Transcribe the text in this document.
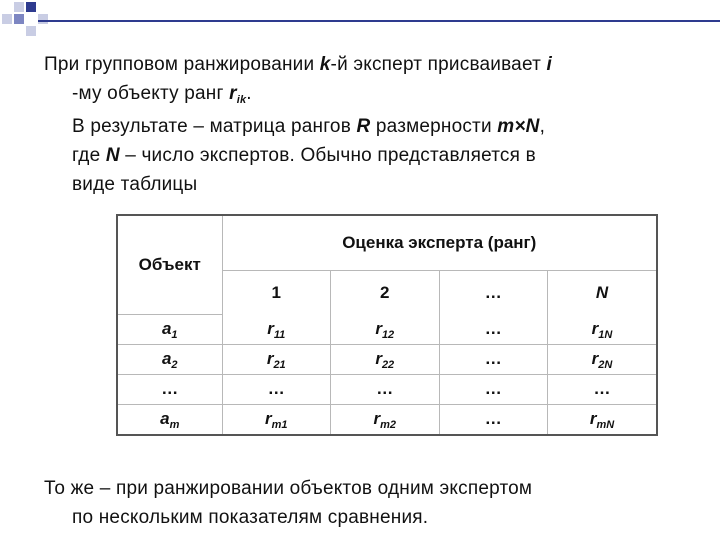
При групповом ранжировании k-й эксперт присваивает i
-му объекту ранг $r_{ik}$.
В результате – матрица рангов R размерности m×N,
где N – число экспертов. Обычно представляется в
виде таблицы
Объект	Оценка эксперта (ранг)			
	1	2	…	N
$a_1$	$r_{11}$	$r_{12}$	…	$r_{1N}$
$a_2$	$r_{21}$	$r_{22}$	…	$r_{2N}$
…	…	…	…	…
$a_m$	$r_{m1}$	$r_{m2}$	…	$r_{mN}$
То же – при ранжировании объектов одним экспертом
по нескольким показателям сравнения.
